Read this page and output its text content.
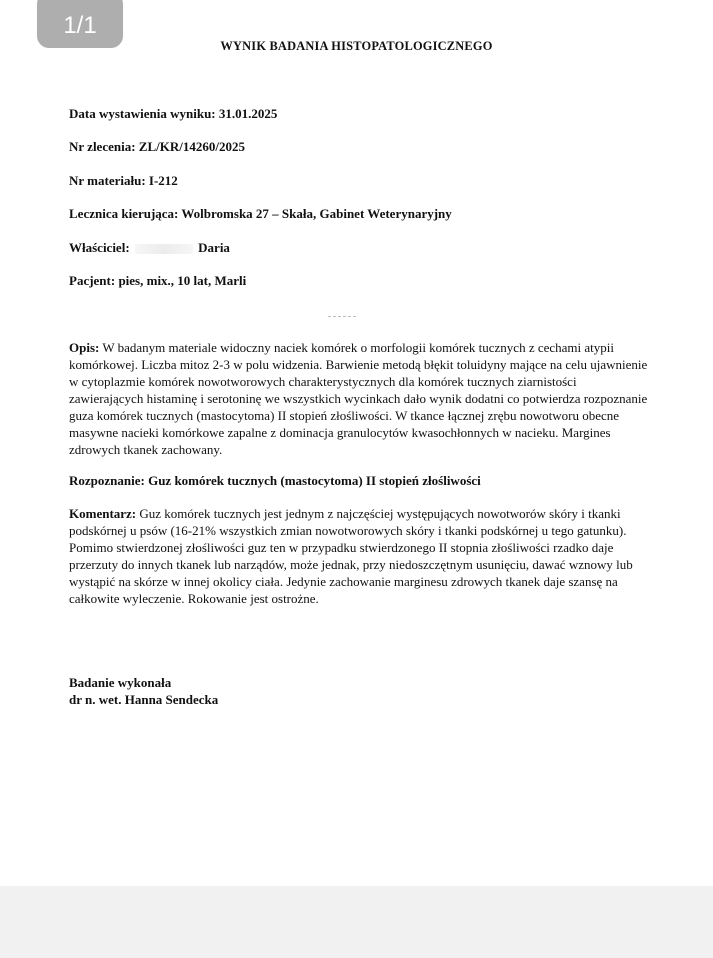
1/1
WYNIK BADANIA HISTOPATOLOGICZNEGO
Data wystawienia wyniku: 31.01.2025
Nr zlecenia: ZL/KR/14260/2025
Nr materiału: I-212
Lecznica kierująca: Wolbromska 27 – Skała, Gabinet Weterynaryjny
Właściciel:	Daria
Pacjent: pies, mix., 10 lat, Marli
Opis: W badanym materiale widoczny naciek komórek o morfologii komórek tucznych z cechami atypii komórkowej. Liczba mitoz 2-3 w polu widzenia. Barwienie metodą błękit toluidyny mające na celu ujawnienie w cytoplazmie komórek nowotworowych charakterystycznych dla komórek tucznych ziarnistości zawierających histaminę i serotoninę we wszystkich wycinkach dało wynik dodatni co potwierdza rozpoznanie guza komórek tucznych (mastocytoma) II stopień złośliwości. W tkance łącznej zrębu nowotworu obecne masywne nacieki komórkowe zapalne z dominacja granulocytów kwasochłonnych w nacieku. Margines zdrowych tkanek zachowany.
Rozpoznanie: Guz komórek tucznych (mastocytoma) II stopień złośliwości
Komentarz: Guz komórek tucznych jest jednym z najczęściej występujących nowotworów skóry i tkanki podskórnej u psów (16-21% wszystkich zmian nowotworowych skóry i tkanki podskórnej u tego gatunku). Pomimo stwierdzonej złośliwości guz ten w przypadku stwierdzonego II stopnia złośliwości rzadko daje przerzuty do innych tkanek lub narządów, może jednak, przy niedoszczętnym usunięciu, dawać wznowy lub wystąpić na skórze w innej okolicy ciała. Jedynie zachowanie marginesu zdrowych tkanek daje szansę na całkowite wyleczenie. Rokowanie jest ostrożne.
Badanie wykonała
dr n. wet. Hanna Sendecka
